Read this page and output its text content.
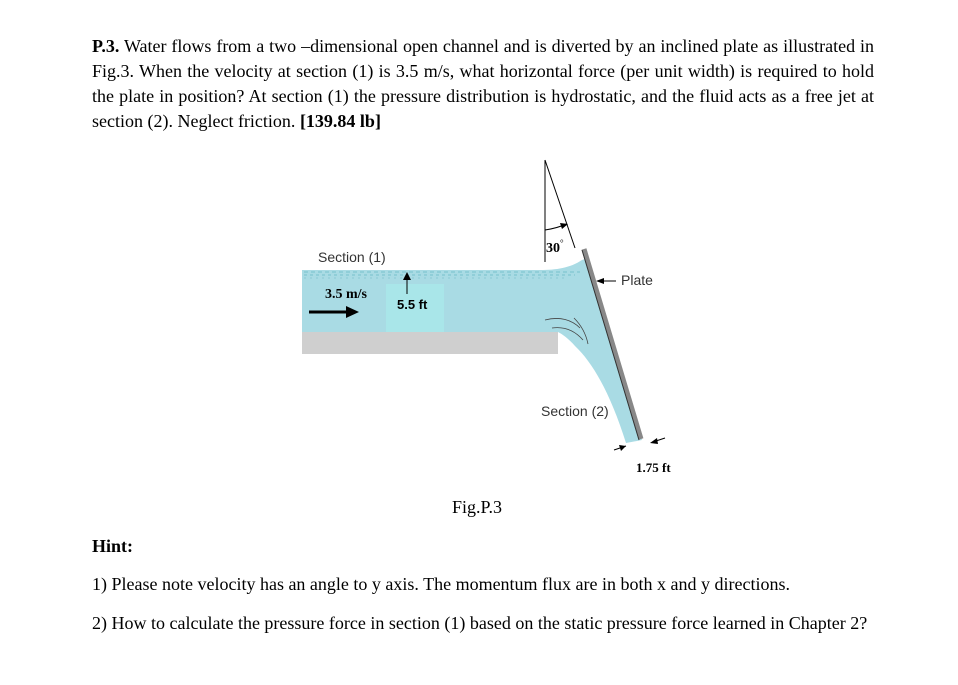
P.3. Water flows from a two –dimensional open channel and is diverted by an inclined plate as illustrated in Fig.3. When the velocity at section (1) is 3.5 m/s, what horizontal force (per unit width) is required to hold the plate in position? At section (1) the pressure distribution is hydrostatic, and the fluid acts as a free jet at section (2). Neglect friction. [139.84 lb]

Section (1)
3.5 m/s
5.5 ft
30°
Plate
Section (2)
1.75 ft
Fig.P.3
Hint:

1) Please note velocity has an angle to y axis. The momentum flux are in both x and y directions.

2) How to calculate the pressure force in section (1) based on the static pressure force learned in Chapter 2?
